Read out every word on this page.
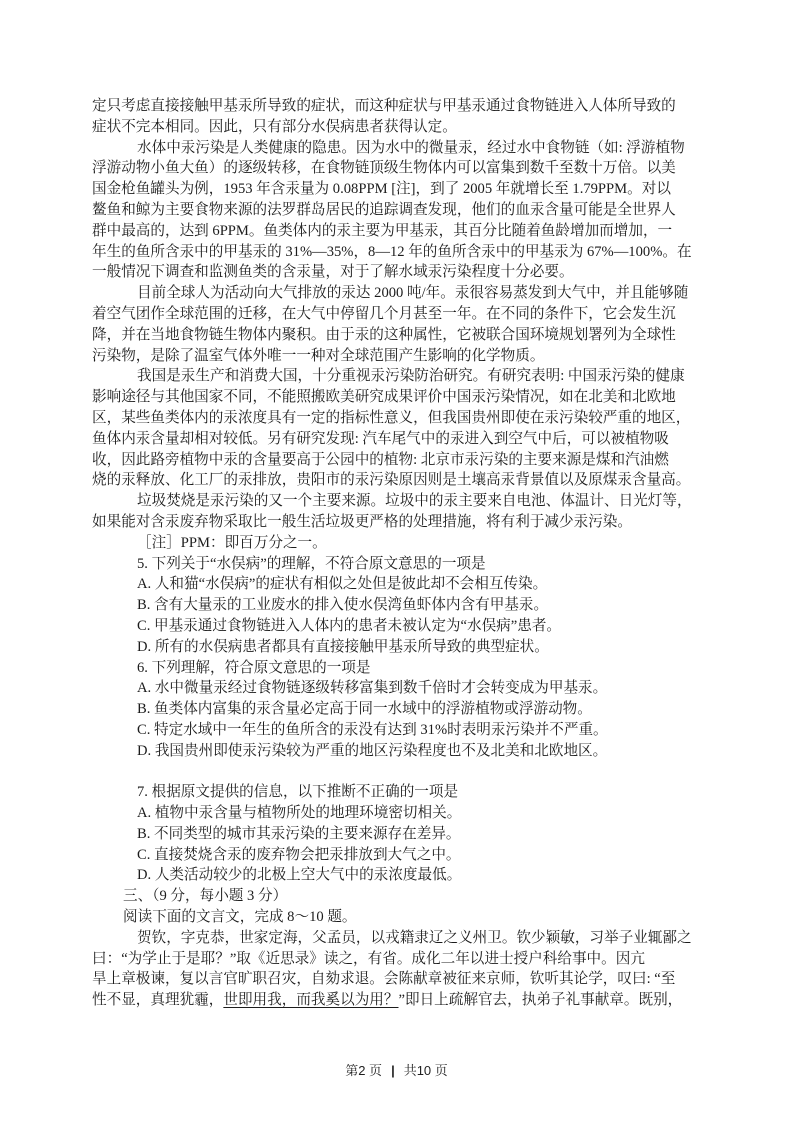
定只考虑直接接触甲基汞所导致的症状，而这种症状与甲基汞通过食物链进入人体所导致的
症状不完本相同。因此，只有部分水俣病患者获得认定。
水体中汞污染是人类健康的隐患。因为水中的微量汞，经过水中食物链（如: 浮游植物
浮游动物小鱼大鱼）的逐级转移，在食物链顶级生物体内可以富集到数千至数十万倍。以美
国金枪鱼罐头为例，1953 年含汞量为 0.08PPM [注]，到了 2005 年就增长至 1.79PPM。对以
鳌鱼和鲸为主要食物来源的法罗群岛居民的追踪调查发现，他们的血汞含量可能是全世界人
群中最高的，达到 6PPM。鱼类体内的汞主要为甲基汞，其百分比随着鱼龄增加而增加，一
年生的鱼所含汞中的甲基汞的 31%—35%，8—12 年的鱼所含汞中的甲基汞为 67%—100%。在
一般情况下调查和监测鱼类的含汞量，对于了解水域汞污染程度十分必要。
目前全球人为活动向大气排放的汞达 2000 吨/年。汞很容易蒸发到大气中，并且能够随
着空气团作全球范围的迁移，在大气中停留几个月甚至一年。在不同的条件下，它会发生沉
降，并在当地食物链生物体内聚积。由于汞的这种属性，它被联合国环境规划署列为全球性
污染物，是除了温室气体外唯一一种对全球范围产生影响的化学物质。
我国是汞生产和消费大国，十分重视汞污染防治研究。有研究表明: 中国汞污染的健康
影响途径与其他国家不同，不能照搬欧美研究成果评价中国汞污染情况，如在北美和北欧地
区，某些鱼类体内的汞浓度具有一定的指标性意义，但我国贵州即使在汞污染较严重的地区，
鱼体内汞含量却相对较低。另有研究发现: 汽车尾气中的汞进入到空气中后，可以被植物吸
收，因此路旁植物中汞的含量要高于公园中的植物: 北京市汞污染的主要来源是煤和汽油燃
烧的汞释放、化工厂的汞排放，贵阳市的汞污染原因则是土壤高汞背景值以及原煤汞含量高。
垃圾焚烧是汞污染的又一个主要来源。垃圾中的汞主要来自电池、体温计、日光灯等，
如果能对含汞废弃物采取比一般生活垃圾更严格的处理措施，将有利于减少汞污染。
［注］PPM：即百万分之一。
5. 下列关于“水俣病”的理解，不符合原文意思的一项是
A. 人和猫“水俣病”的症状有相似之处但是彼此却不会相互传染。
B. 含有大量汞的工业废水的排入使水俣湾鱼虾体内含有甲基汞。
C. 甲基汞通过食物链进入人体内的患者未被认定为“水俣病”患者。
D. 所有的水俣病患者都具有直接接触甲基汞所导致的典型症状。
6. 下列理解，符合原文意思的一项是
A. 水中微量汞经过食物链逐级转移富集到数千倍时才会转变成为甲基汞。
B. 鱼类体内富集的汞含量必定高于同一水域中的浮游植物或浮游动物。
C. 特定水域中一年生的鱼所含的汞没有达到 31%时表明汞污染并不严重。
D. 我国贵州即使汞污染较为严重的地区污染程度也不及北美和北欧地区。

7. 根据原文提供的信息，以下推断不正确的一项是
A. 植物中汞含量与植物所处的地理环境密切相关。
B. 不同类型的城市其汞污染的主要来源存在差异。
C. 直接焚烧含汞的废弃物会把汞排放到大气之中。
D. 人类活动较少的北极上空大气中的汞浓度最低。
三、（9 分，每小题 3 分）
阅读下面的文言文，完成 8～10 题。
贺钦，字克恭，世家定海，父孟员，以戎籍隶辽之义州卫。钦少颖敏，习举子业辄鄙之
曰：“为学止于是耶？”取《近思录》读之，有省。成化二年以进士授户科给事中。因亢
旱上章极谏，复以言官旷职召灾，自劾求退。会陈献章被征来京师，钦听其论学，叹曰: “至
性不显，真理犹霾，世即用我，而我奚以为用？”即日上疏解官去，执弟子礼事献章。既别，
第2 页 | 共10 页
